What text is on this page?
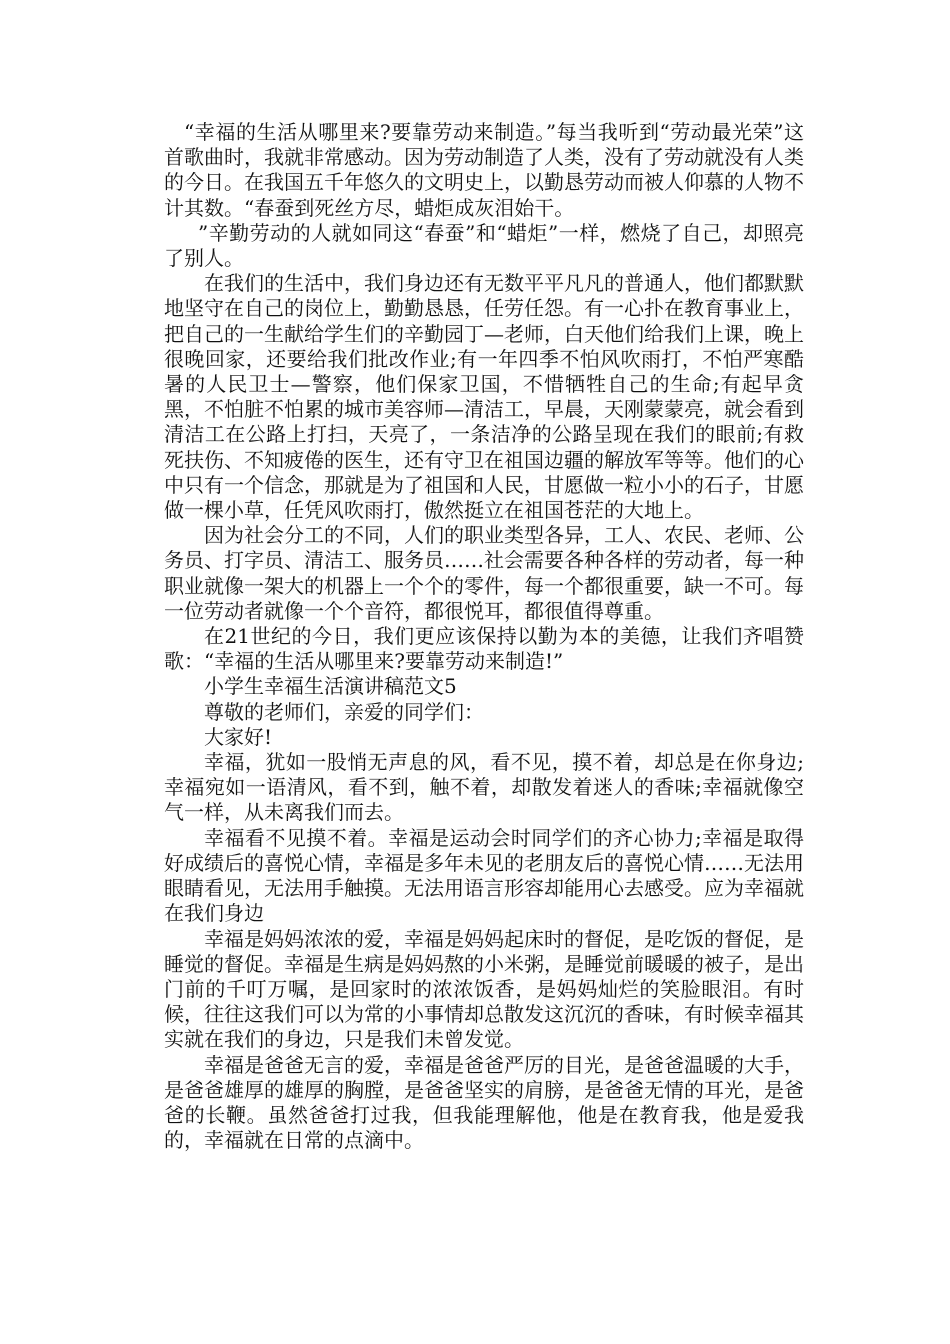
“幸福的生活从哪里来?要靠劳动来制造。”每当我听到“劳动最光荣”这首歌曲时，我就非常感动。因为劳动制造了人类，没有了劳动就没有人类的今日。在我国五千年悠久的文明史上，以勤恳劳动而被人仰慕的人物不计其数。“春蚕到死丝方尽，蜡炬成灰泪始干。

”辛勤劳动的人就如同这“春蚕”和“蜡炬”一样，燃烧了自己，却照亮了别人。

在我们的生活中，我们身边还有无数平平凡凡的普通人，他们都默默地坚守在自己的岗位上，勤勤恳恳，任劳任怨。有一心扑在教育事业上，把自己的一生献给学生们的辛勤园丁—老师，白天他们给我们上课，晚上很晚回家，还要给我们批改作业;有一年四季不怕风吹雨打，不怕严寒酷暑的人民卫士—警察，他们保家卫国，不惜牺牲自己的生命;有起早贪黑，不怕脏不怕累的城市美容师—清洁工，早晨，天刚蒙蒙亮，就会看到清洁工在公路上打扫，天亮了，一条洁净的公路呈现在我们的眼前;有救死扶伤、不知疲倦的医生，还有守卫在祖国边疆的解放军等等。他们的心中只有一个信念，那就是为了祖国和人民，甘愿做一粒小小的石子，甘愿做一棵小草，任凭风吹雨打，傲然挺立在祖国苍茫的大地上。

因为社会分工的不同，人们的职业类型各异，工人、农民、老师、公务员、打字员、清洁工、服务员……社会需要各种各样的劳动者，每一种职业就像一架大的机器上一个个的零件，每一个都很重要，缺一不可。每一位劳动者就像一个个音符，都很悦耳，都很值得尊重。

在21世纪的今日，我们更应该保持以勤为本的美德，让我们齐唱赞歌：“幸福的生活从哪里来?要靠劳动来制造!”

小学生幸福生活演讲稿范文5

尊敬的老师们，亲爱的同学们：

大家好!

幸福，犹如一股悄无声息的风，看不见，摸不着，却总是在你身边;幸福宛如一语清风，看不到，触不着，却散发着迷人的香味;幸福就像空气一样，从未离我们而去。

幸福看不见摸不着。幸福是运动会时同学们的齐心协力;幸福是取得好成绩后的喜悦心情，幸福是多年未见的老朋友后的喜悦心情……无法用眼睛看见，无法用手触摸。无法用语言形容却能用心去感受。应为幸福就在我们身边

幸福是妈妈浓浓的爱，幸福是妈妈起床时的督促，是吃饭的督促，是睡觉的督促。幸福是生病是妈妈熬的小米粥，是睡觉前暖暖的被子，是出门前的千叮万嘱，是回家时的浓浓饭香，是妈妈灿烂的笑脸眼泪。有时候，往往这我们可以为常的小事情却总散发这沉沉的香味，有时候幸福其实就在我们的身边，只是我们未曾发觉。

幸福是爸爸无言的爱，幸福是爸爸严厉的目光，是爸爸温暖的大手，是爸爸雄厚的雄厚的胸膛，是爸爸坚实的肩膀，是爸爸无情的耳光，是爸爸的长鞭。虽然爸爸打过我，但我能理解他，他是在教育我，他是爱我的，幸福就在日常的点滴中。
